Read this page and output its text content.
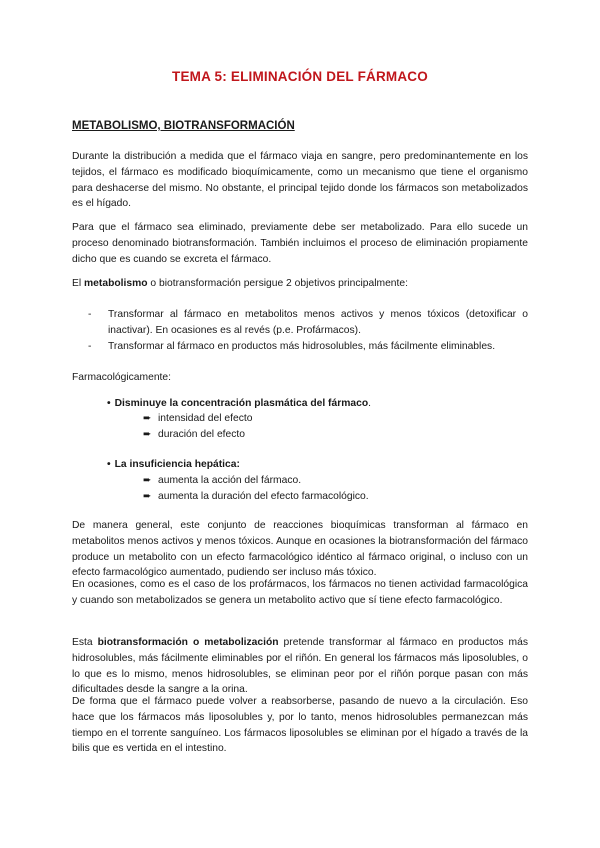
TEMA 5: ELIMINACIÓN DEL FÁRMACO
METABOLISMO, BIOTRANSFORMACIÓN

Durante la distribución a medida que el fármaco viaja en sangre, pero predominantemente en los tejidos, el fármaco es modificado bioquímicamente, como un mecanismo que tiene el organismo para deshacerse del mismo. No obstante, el principal tejido donde los fármacos son metabolizados es el hígado.

Para que el fármaco sea eliminado, previamente debe ser metabolizado. Para ello sucede un proceso denominado biotransformación. También incluimos el proceso de eliminación propiamente dicho que es cuando se excreta el fármaco.

El metabolismo o biotransformación persigue 2 objetivos principalmente:

- Transformar al fármaco en metabolitos menos activos y menos tóxicos (detoxificar o inactivar). En ocasiones es al revés (p.e. Profármacos).
- Transformar al fármaco en productos más hidrosolubles, más fácilmente eliminables.

Farmacológicamente:

• Disminuye la concentración plasmática del fármaco.
➨ intensidad del efecto
➨ duración del efecto
• La insuficiencia hepática:
➨ aumenta la acción del fármaco.
➨ aumenta la duración del efecto farmacológico.

De manera general, este conjunto de reacciones bioquímicas transforman al fármaco en metabolitos menos activos y menos tóxicos. Aunque en ocasiones la biotransformación del fármaco produce un metabolito con un efecto farmacológico idéntico al fármaco original, o incluso con un efecto farmacológico aumentado, pudiendo ser incluso más tóxico.

En ocasiones, como es el caso de los profármacos, los fármacos no tienen actividad farmacológica y cuando son metabolizados se genera un metabolito activo que sí tiene efecto farmacológico.

Esta biotransformación o metabolización pretende transformar al fármaco en productos más hidrosolubles, más fácilmente eliminables por el riñón. En general los fármacos más liposolubles, o lo que es lo mismo, menos hidrosolubles, se eliminan peor por el riñón porque pasan con más dificultades desde la sangre a la orina.

De forma que el fármaco puede volver a reabsorberse, pasando de nuevo a la circulación. Eso hace que los fármacos más liposolubles y, por lo tanto, menos hidrosolubles permanezcan más tiempo en el torrente sanguíneo. Los fármacos liposolubles se eliminan por el hígado a través de la bilis que es vertida en el intestino.
